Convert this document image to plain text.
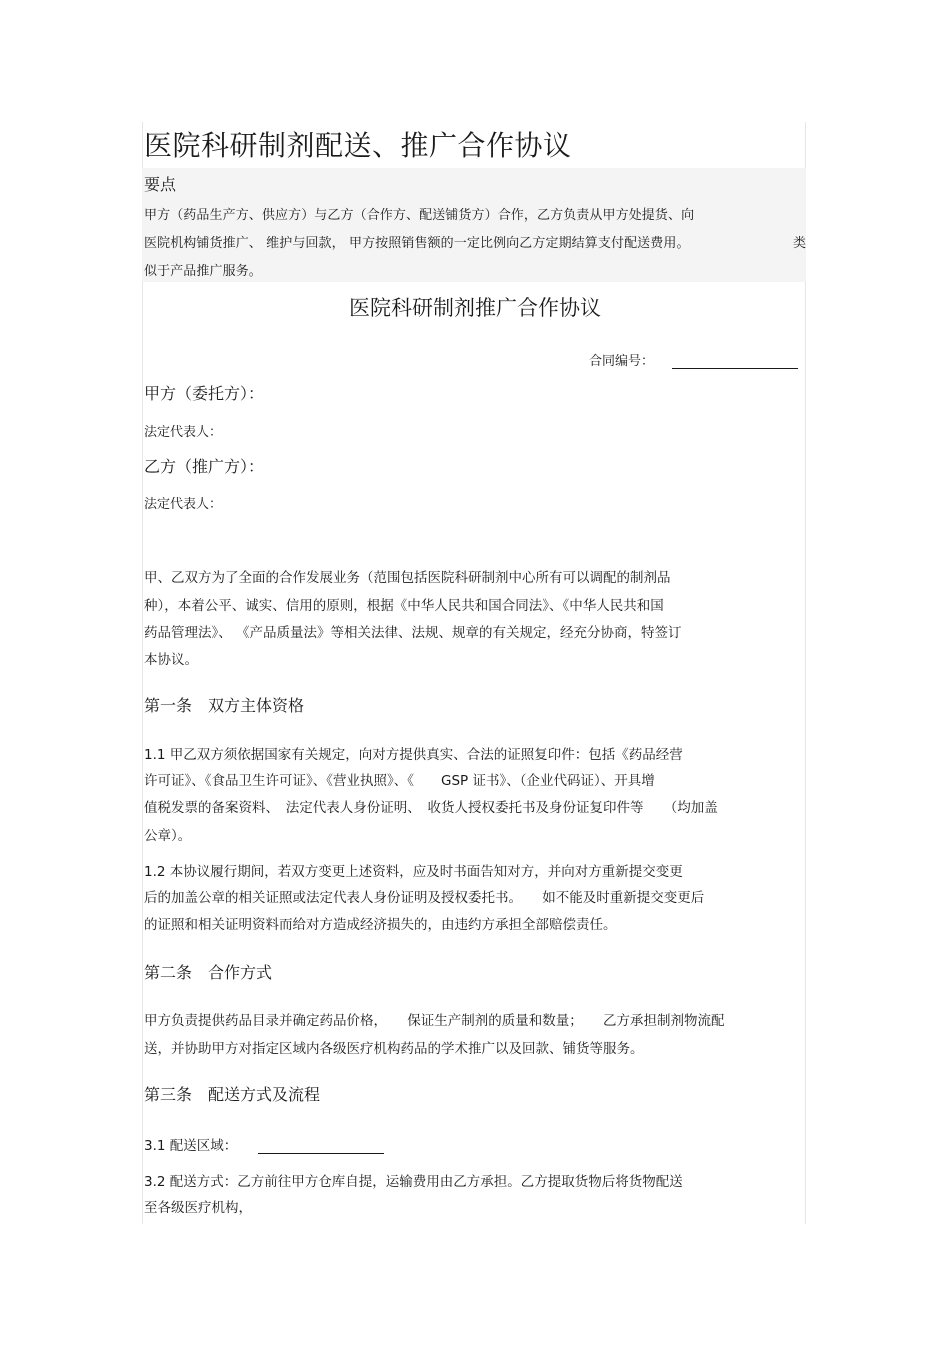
医院科研制剂配送、推广合作协议
要点
甲方（药品生产方、供应方）与乙方（合作方、配送铺货方）合作，乙方负责从甲方处提货、向
医院机构铺货推广、 维护与回款， 甲方按照销售额的一定比例向乙方定期结算支付配送费用。	类
似于产品推广服务。
医院科研制剂推广合作协议
合同编号：
甲方（委托方）：
法定代表人：
乙方（推广方）：
法定代表人：
甲、乙双方为了全面的合作发展业务（范围包括医院科研制剂中心所有可以调配的制剂品
种），本着公平、诚实、信用的原则，根据《中华人民共和国合同法》、《中华人民共和国
药品管理法》、 《产品质量法》等相关法律、法规、规章的有关规定，经充分协商，特签订
本协议。
第一条　双方主体资格
1.1 甲乙双方须依据国家有关规定，向对方提供真实、合法的证照复印件：包括《药品经营
许可证》、《食品卫生许可证》、《营业执照》、《　　GSP 证书》、（企业代码证）、开具增
值税发票的备案资料、　法定代表人身份证明、　收货人授权委托书及身份证复印件等　　（均加盖
公章）。
1.2 本协议履行期间，若双方变更上述资料，应及时书面告知对方，并向对方重新提交变更
后的加盖公章的相关证照或法定代表人身份证明及授权委托书。　　如不能及时重新提交变更后
的证照和相关证明资料而给对方造成经济损失的，由违约方承担全部赔偿责任。
第二条　合作方式
甲方负责提供药品目录并确定药品价格，　　保证生产制剂的质量和数量；　　乙方承担制剂物流配
送，并协助甲方对指定区域内各级医疗机构药品的学术推广以及回款、铺货等服务。
第三条　配送方式及流程
3.1 配送区域：
3.2 配送方式：乙方前往甲方仓库自提，运输费用由乙方承担。乙方提取货物后将货物配送
至各级医疗机构，
